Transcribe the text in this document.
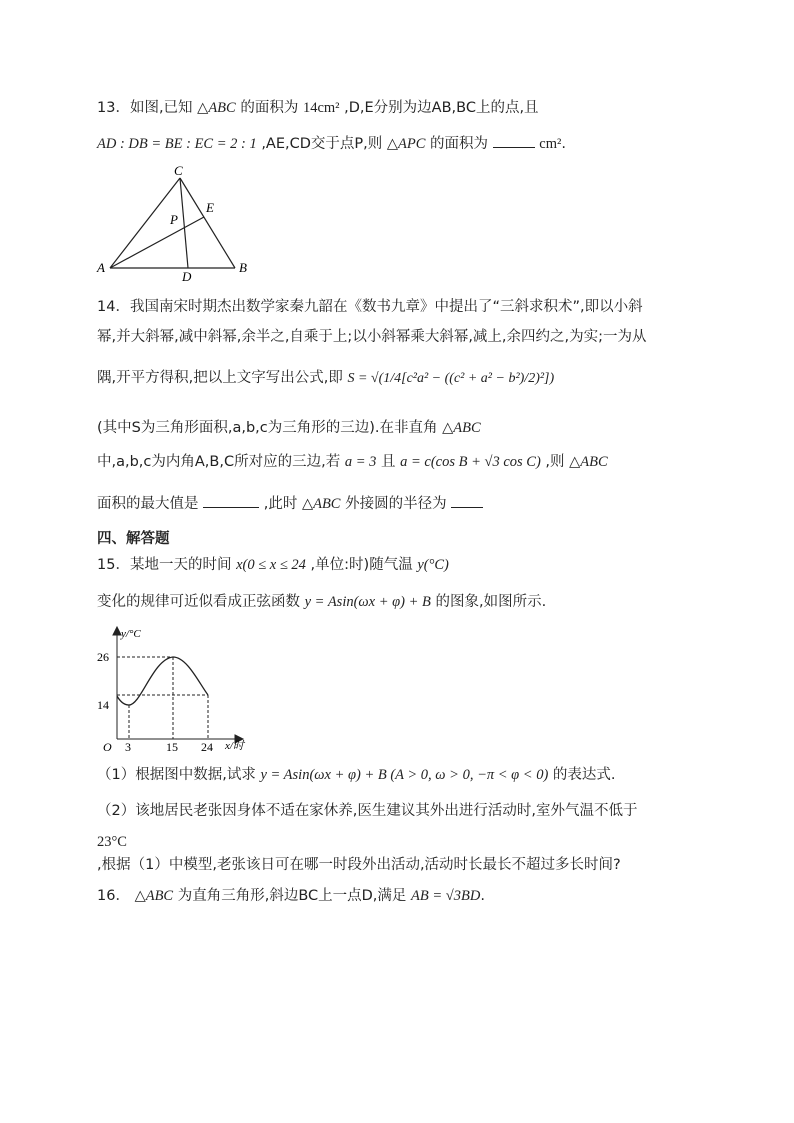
13．如图,已知 △ABC 的面积为 14cm² ,D,E分别为边AB,BC上的点,且
AD : DB = BE : EC = 2 : 1 ,AE,CD交于点P,则 △APC 的面积为	cm².
C
E
P
A
D
B
14．我国南宋时期杰出数学家秦九韶在《数书九章》中提出了“三斜求积术”,即以小斜
幂,并大斜幂,减中斜幂,余半之,自乘于上;以小斜幂乘大斜幂,减上,余四约之,为实;一为从
隅,开平方得积,把以上文字写出公式,即 S = √(1/4[c²a² − ((c² + a² − b²)/2)²])
(其中S为三角形面积,a,b,c为三角形的三边).在非直角 △ABC
中,a,b,c为内角A,B,C所对应的三边,若 a = 3 且 a = c(cos B + √3 cos C) ,则 △ABC
面积的最大值是	,此时 △ABC 外接圆的半径为
四、解答题
15．某地一天的时间 x(0 ≤ x ≤ 24 ,单位:时)随气温 y(°C)
变化的规律可近似看成正弦函数 y = Asin(ωx + φ) + B 的图象,如图所示.
y/°C
26
14
O 3	15 24 x/时
（1）根据图中数据,试求 y = Asin(ωx + φ) + B (A > 0, ω > 0, −π < φ < 0) 的表达式.
（2）该地居民老张因身体不适在家休养,医生建议其外出进行活动时,室外气温不低于
23°C
,根据（1）中模型,老张该日可在哪一时段外出活动,活动时长最长不超过多长时间?
16． △ABC 为直角三角形,斜边BC上一点D,满足 AB = √3BD.
